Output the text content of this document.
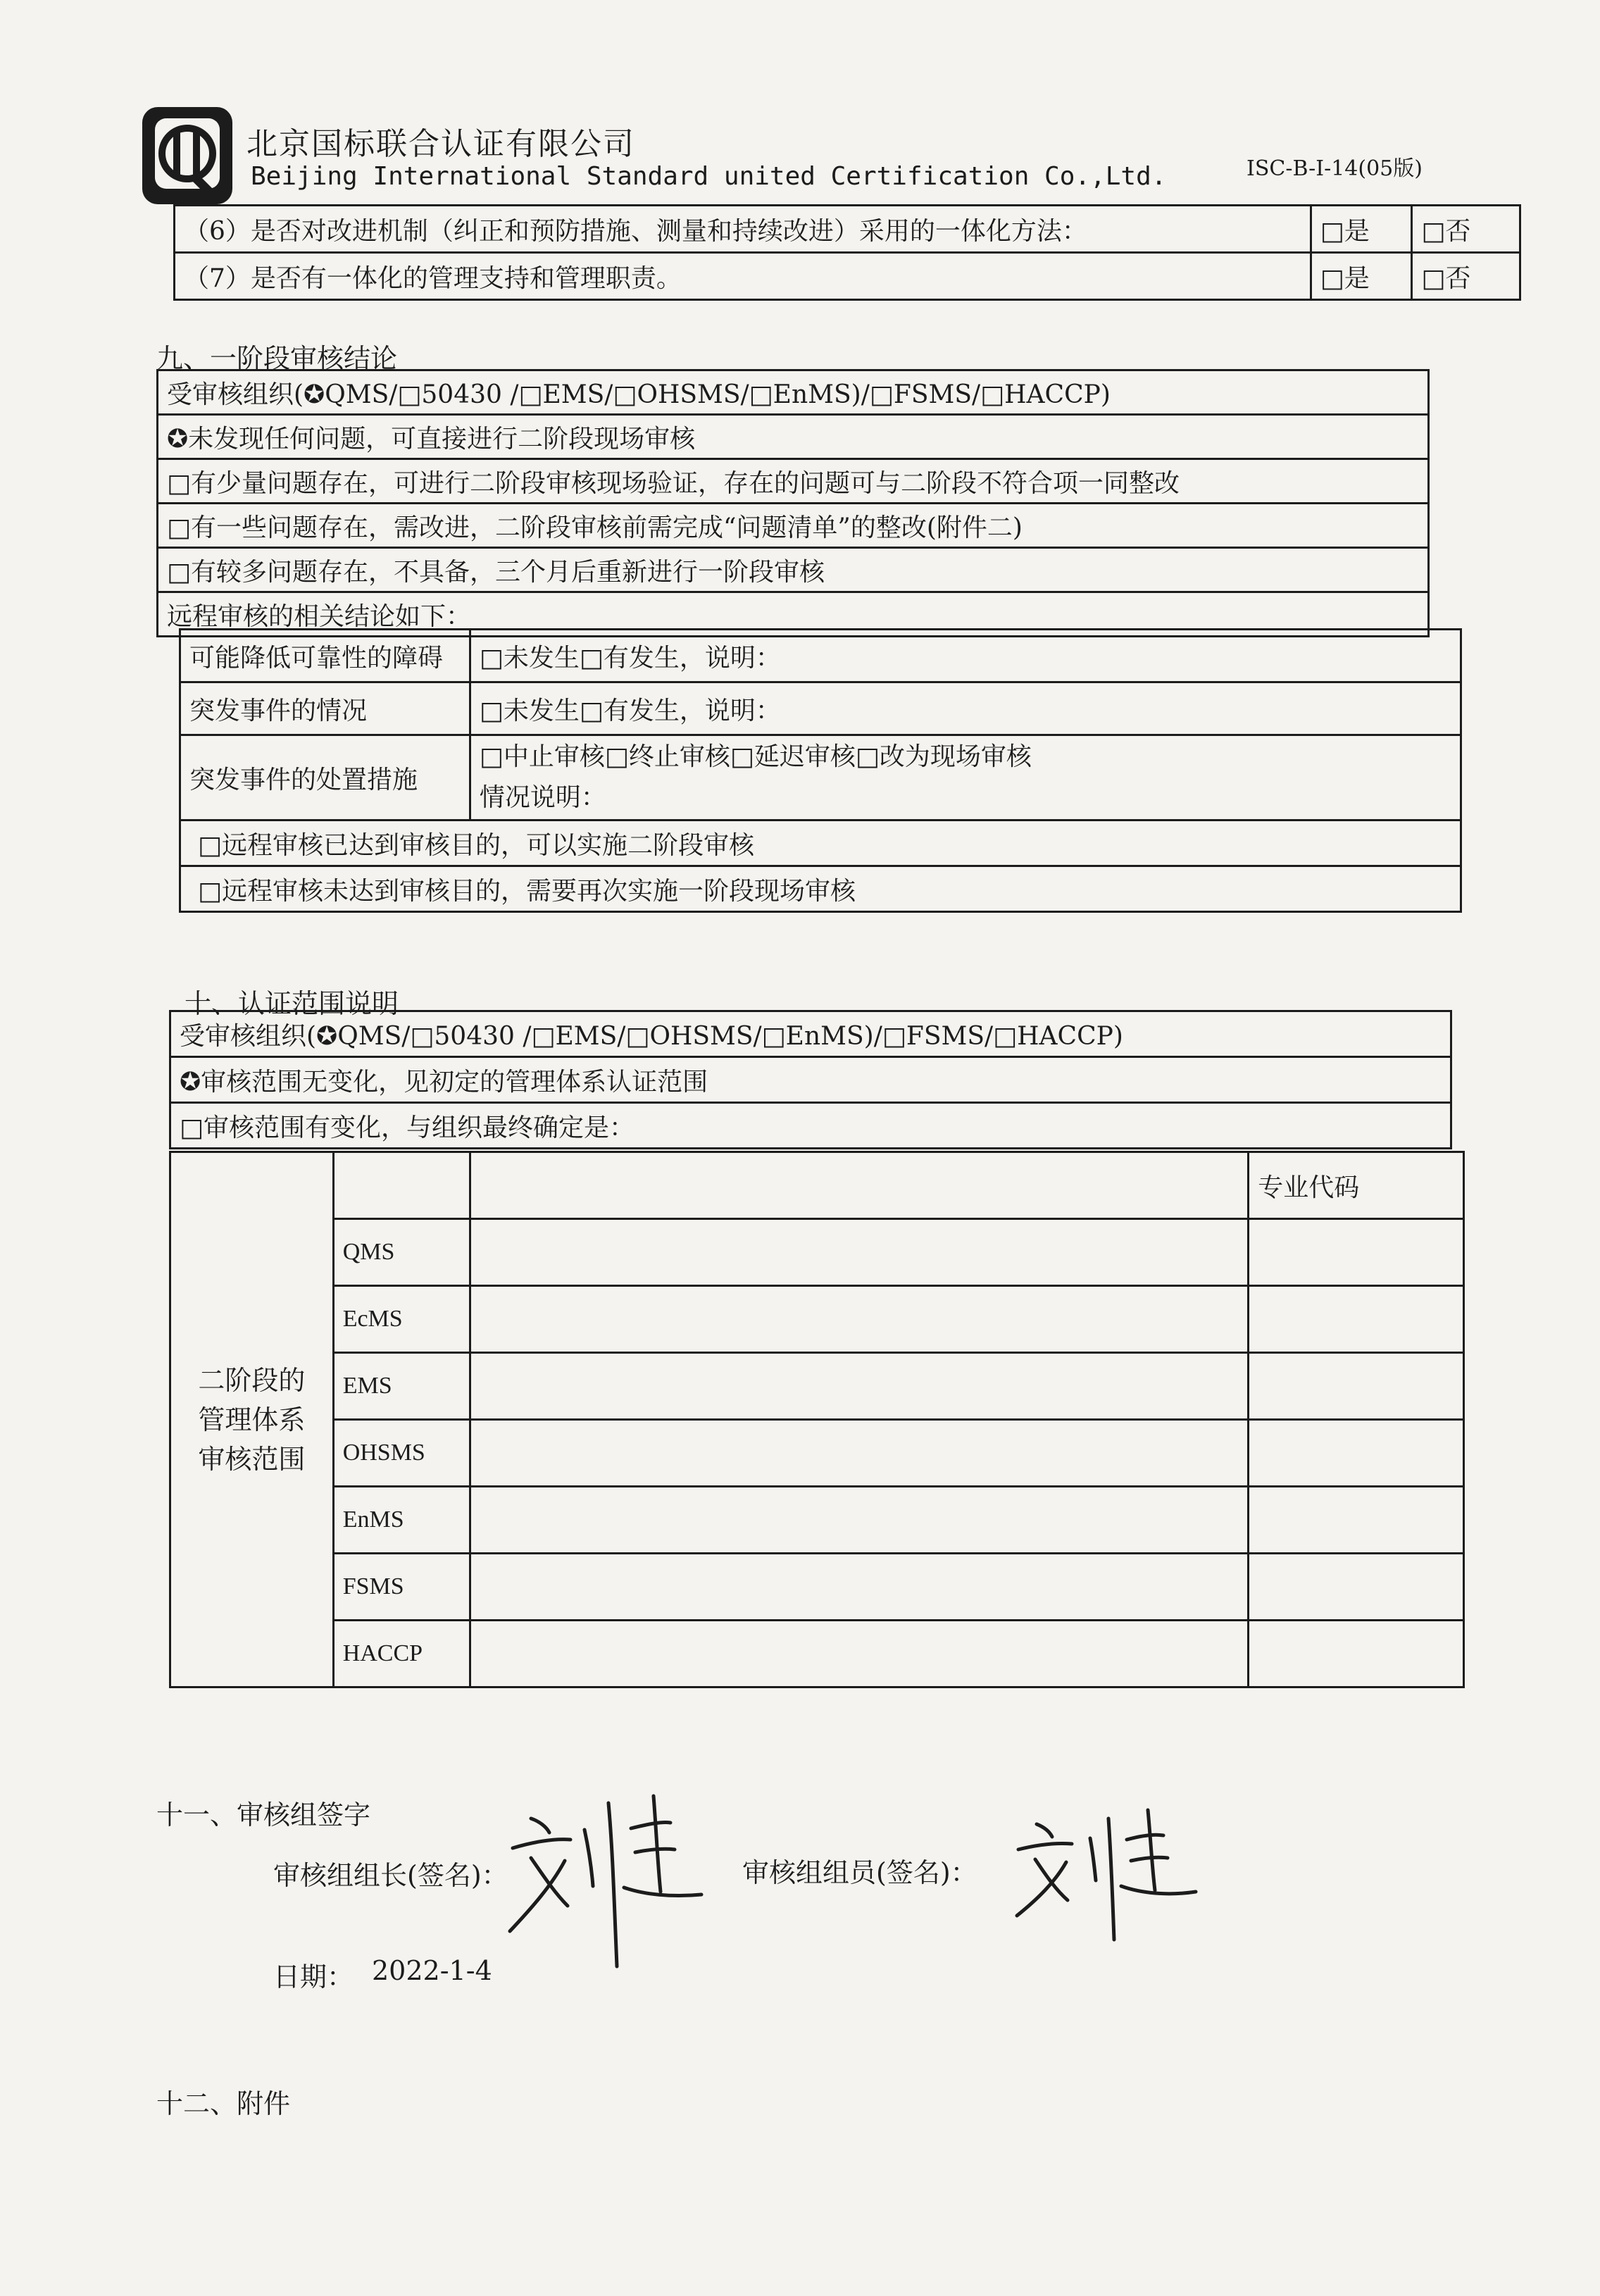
北京国标联合认证有限公司
Beijing International Standard united Certification Co.,Ltd.	ISC-B-I-14(05版)
（6）是否对改进机制（纠正和预防措施、测量和持续改进）采用的一体化方法：	□是	□否
（7）是否有一体化的管理支持和管理职责。	□是	□否
九、一阶段审核结论
受审核组织(✪QMS/□50430 /□EMS/□OHSMS/□EnMS)/□FSMS/□HACCP)
✪未发现任何问题，可直接进行二阶段现场审核
□有少量问题存在，可进行二阶段审核现场验证，存在的问题可与二阶段不符合项一同整改
□有一些问题存在，需改进，二阶段审核前需完成“问题清单”的整改(附件二)
□有较多问题存在，不具备，三个月后重新进行一阶段审核
远程审核的相关结论如下：
可能降低可靠性的障碍	□未发生□有发生，说明：
突发事件的情况	□未发生□有发生，说明：
突发事件的处置措施	□中止审核□终止审核□延迟审核□改为现场审核
情况说明：

□远程审核已达到审核目的，可以实施二阶段审核	
□远程审核未达到审核目的，需要再次实施一阶段现场审核	
十、认证范围说明
受审核组织(✪QMS/□50430 /□EMS/□OHSMS/□EnMS)/□FSMS/□HACCP)
✪审核范围无变化，见初定的管理体系认证范围
□审核范围有变化，与组织最终确定是：
二阶段的管理体系审核范围			专业代码
	QMS		
	EcMS		
	EMS		
	OHSMS		
	EnMS		
	FSMS		
	HACCP		
十一、审核组签字
审核组组长(签名)：	审核组组员(签名)：
日期： 2022-1-4
十二、附件
